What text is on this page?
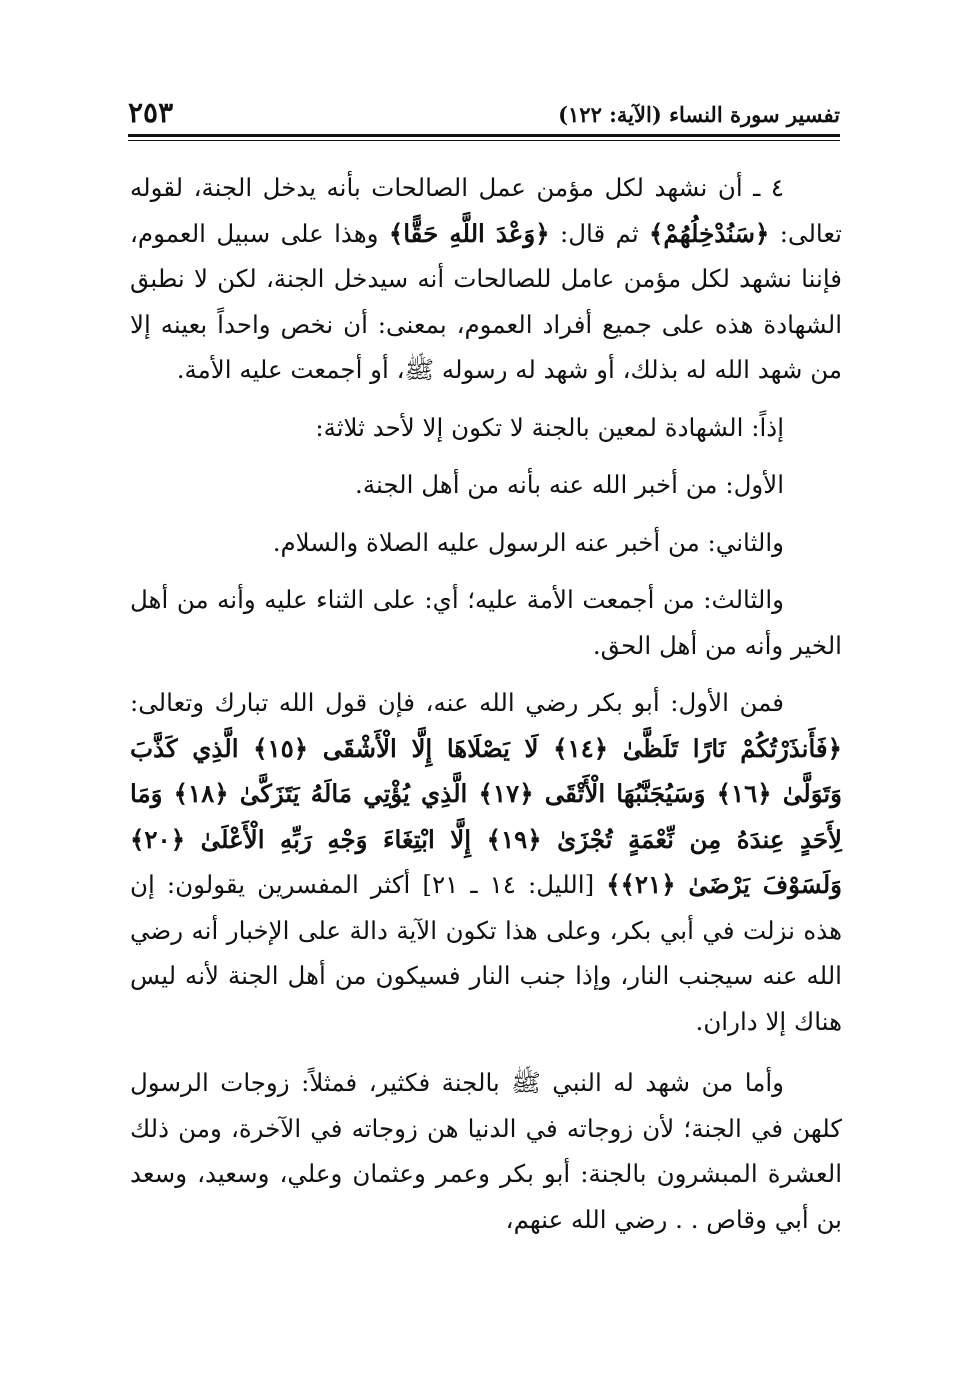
تفسير سورة النساء (الآية: ١٢٢)
٢٥٣

٤ ـ أن نشهد لكل مؤمن عمل الصالحات بأنه يدخل الجنة، لقوله تعالى: ﴿سَنُدْخِلُهُمْ﴾ ثم قال: ﴿وَعْدَ اللَّهِ حَقًّا﴾ وهذا على سبيل العموم، فإننا نشهد لكل مؤمن عامل للصالحات أنه سيدخل الجنة، لكن لا نطبق الشهادة هذه على جميع أفراد العموم، بمعنى: أن نخص واحداً بعينه إلا من شهد الله له بذلك، أو شهد له رسوله ﷺ، أو أجمعت عليه الأمة.

إذاً: الشهادة لمعين بالجنة لا تكون إلا لأحد ثلاثة:

الأول: من أخبر الله عنه بأنه من أهل الجنة.

والثاني: من أخبر عنه الرسول عليه الصلاة والسلام.

والثالث: من أجمعت الأمة عليه؛ أي: على الثناء عليه وأنه من أهل الخير وأنه من أهل الحق.

فمن الأول: أبو بكر رضي الله عنه، فإن قول الله تبارك وتعالى: ﴿فَأَنذَرْتُكُمْ نَارًا تَلَظَّىٰ ﴿١٤﴾ لَا يَصْلَاهَا إِلَّا الْأَشْقَى ﴿١٥﴾ الَّذِي كَذَّبَ وَتَوَلَّىٰ ﴿١٦﴾ وَسَيُجَنَّبُهَا الْأَتْقَى ﴿١٧﴾ الَّذِي يُؤْتِي مَالَهُ يَتَزَكَّىٰ ﴿١٨﴾ وَمَا لِأَحَدٍ عِندَهُ مِن نِّعْمَةٍ تُجْزَىٰ ﴿١٩﴾ إِلَّا ابْتِغَاءَ وَجْهِ رَبِّهِ الْأَعْلَىٰ ﴿٢٠﴾ وَلَسَوْفَ يَرْضَىٰ ﴿٢١﴾﴾ [الليل: ١٤ ـ ٢١] أكثر المفسرين يقولون: إن هذه نزلت في أبي بكر، وعلى هذا تكون الآية دالة على الإخبار أنه رضي الله عنه سيجنب النار، وإذا جنب النار فسيكون من أهل الجنة لأنه ليس هناك إلا داران.

وأما من شهد له النبي ﷺ بالجنة فكثير، فمثلاً: زوجات الرسول كلهن في الجنة؛ لأن زوجاته في الدنيا هن زوجاته في الآخرة، ومن ذلك العشرة المبشرون بالجنة: أبو بكر وعمر وعثمان وعلي، وسعيد، وسعد بن أبي وقاص . . رضي الله عنهم،
